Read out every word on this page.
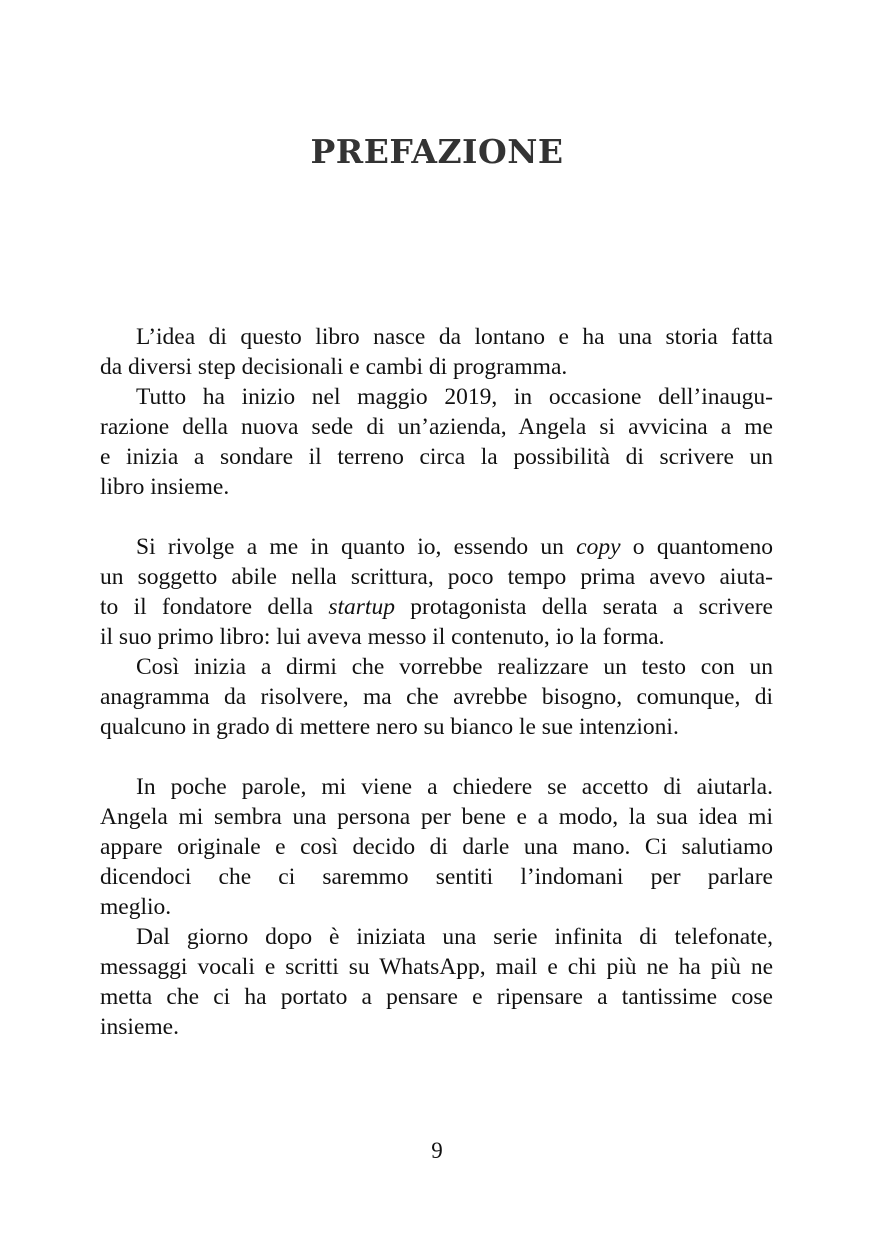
PREFAZIONE

L’idea di questo libro nasce da lontano e ha una storia fatta
da diversi step decisionali e cambi di programma.

Tutto ha inizio nel maggio 2019, in occasione dell’inaugu-
razione della nuova sede di un’azienda, Angela si avvicina a me
e inizia a sondare il terreno circa la possibilità di scrivere un
libro insieme.

Si rivolge a me in quanto io, essendo un copy o quantomeno
un soggetto abile nella scrittura, poco tempo prima avevo aiuta-
to il fondatore della startup protagonista della serata a scrivere
il suo primo libro: lui aveva messo il contenuto, io la forma.

Così inizia a dirmi che vorrebbe realizzare un testo con un
anagramma da risolvere, ma che avrebbe bisogno, comunque, di
qualcuno in grado di mettere nero su bianco le sue intenzioni.

In poche parole, mi viene a chiedere se accetto di aiutarla.
Angela mi sembra una persona per bene e a modo, la sua idea mi
appare originale e così decido di darle una mano. Ci salutiamo
dicendoci che ci saremmo sentiti l’indomani per parlare
meglio.

Dal giorno dopo è iniziata una serie infinita di telefonate,
messaggi vocali e scritti su WhatsApp, mail e chi più ne ha più ne
metta che ci ha portato a pensare e ripensare a tantissime cose
insieme.

9
